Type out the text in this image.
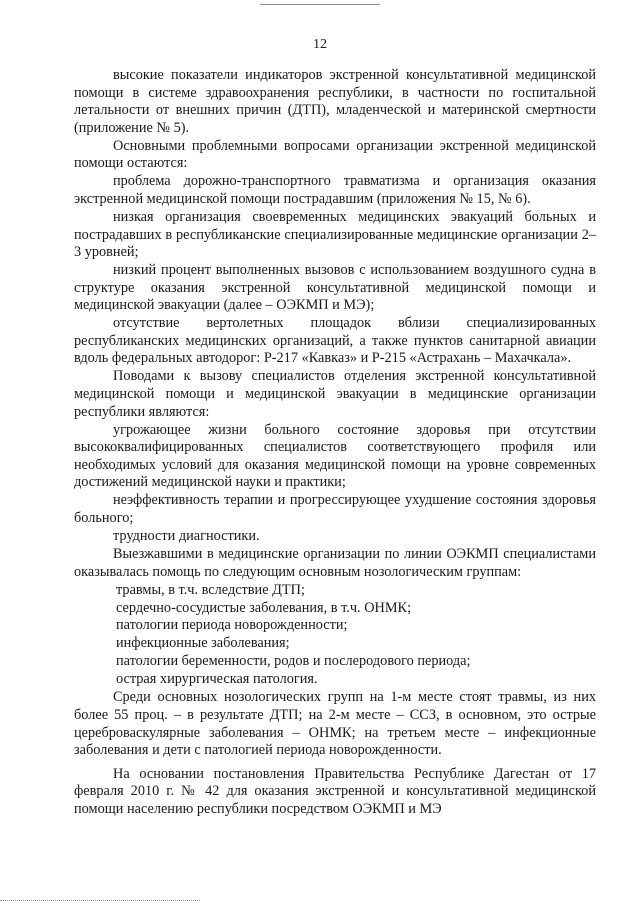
12

высокие показатели индикаторов экстренной консультативной медицинской помощи в системе здравоохранения республики, в частности по госпитальной летальности от внешних причин (ДТП), младенческой и материнской смертности (приложение № 5).

Основными проблемными вопросами организации экстренной медицинской помощи остаются:

проблема дорожно-транспортного травматизма и организация оказания экстренной медицинской помощи пострадавшим (приложения № 15, № 6).

низкая организация своевременных медицинских эвакуаций больных и пострадавших в республиканские специализированные медицинские организации 2–3 уровней;

низкий процент выполненных вызовов с использованием воздушного судна в структуре оказания экстренной консультативной медицинской помощи и медицинской эвакуации (далее – ОЭКМП и МЭ);

отсутствие вертолетных площадок вблизи специализированных республиканских медицинских организаций, а также пунктов санитарной авиации вдоль федеральных автодорог: Р-217 «Кавказ» и Р-215 «Астрахань – Махачкала».

Поводами к вызову специалистов отделения экстренной консультативной медицинской помощи и медицинской эвакуации в медицинские организации республики являются:

угрожающее жизни больного состояние здоровья при отсутствии высококвалифицированных специалистов соответствующего профиля или необходимых условий для оказания медицинской помощи на уровне современных достижений медицинской науки и практики;

неэффективность терапии и прогрессирующее ухудшение состояния здоровья больного;

трудности диагностики.

Выезжавшими в медицинские организации по линии ОЭКМП специалистами оказывалась помощь по следующим основным нозологическим группам:

травмы, в т.ч. вследствие ДТП;

сердечно-сосудистые заболевания, в т.ч. ОНМК;

патологии периода новорожденности;

инфекционные заболевания;

патологии беременности, родов и послеродового периода;

острая хирургическая патология.

Среди основных нозологических групп на 1-м месте стоят травмы, из них более 55 проц. – в результате ДТП; на 2-м месте – ССЗ, в основном, это острые цереброваскулярные заболевания – ОНМК; на третьем месте – инфекционные заболевания и дети с патологией периода новорожденности.

На основании постановления Правительства Республике Дагестан от 17 февраля 2010 г. № 42 для оказания экстренной и консультативной медицинской помощи населению республики посредством ОЭКМП и МЭ
